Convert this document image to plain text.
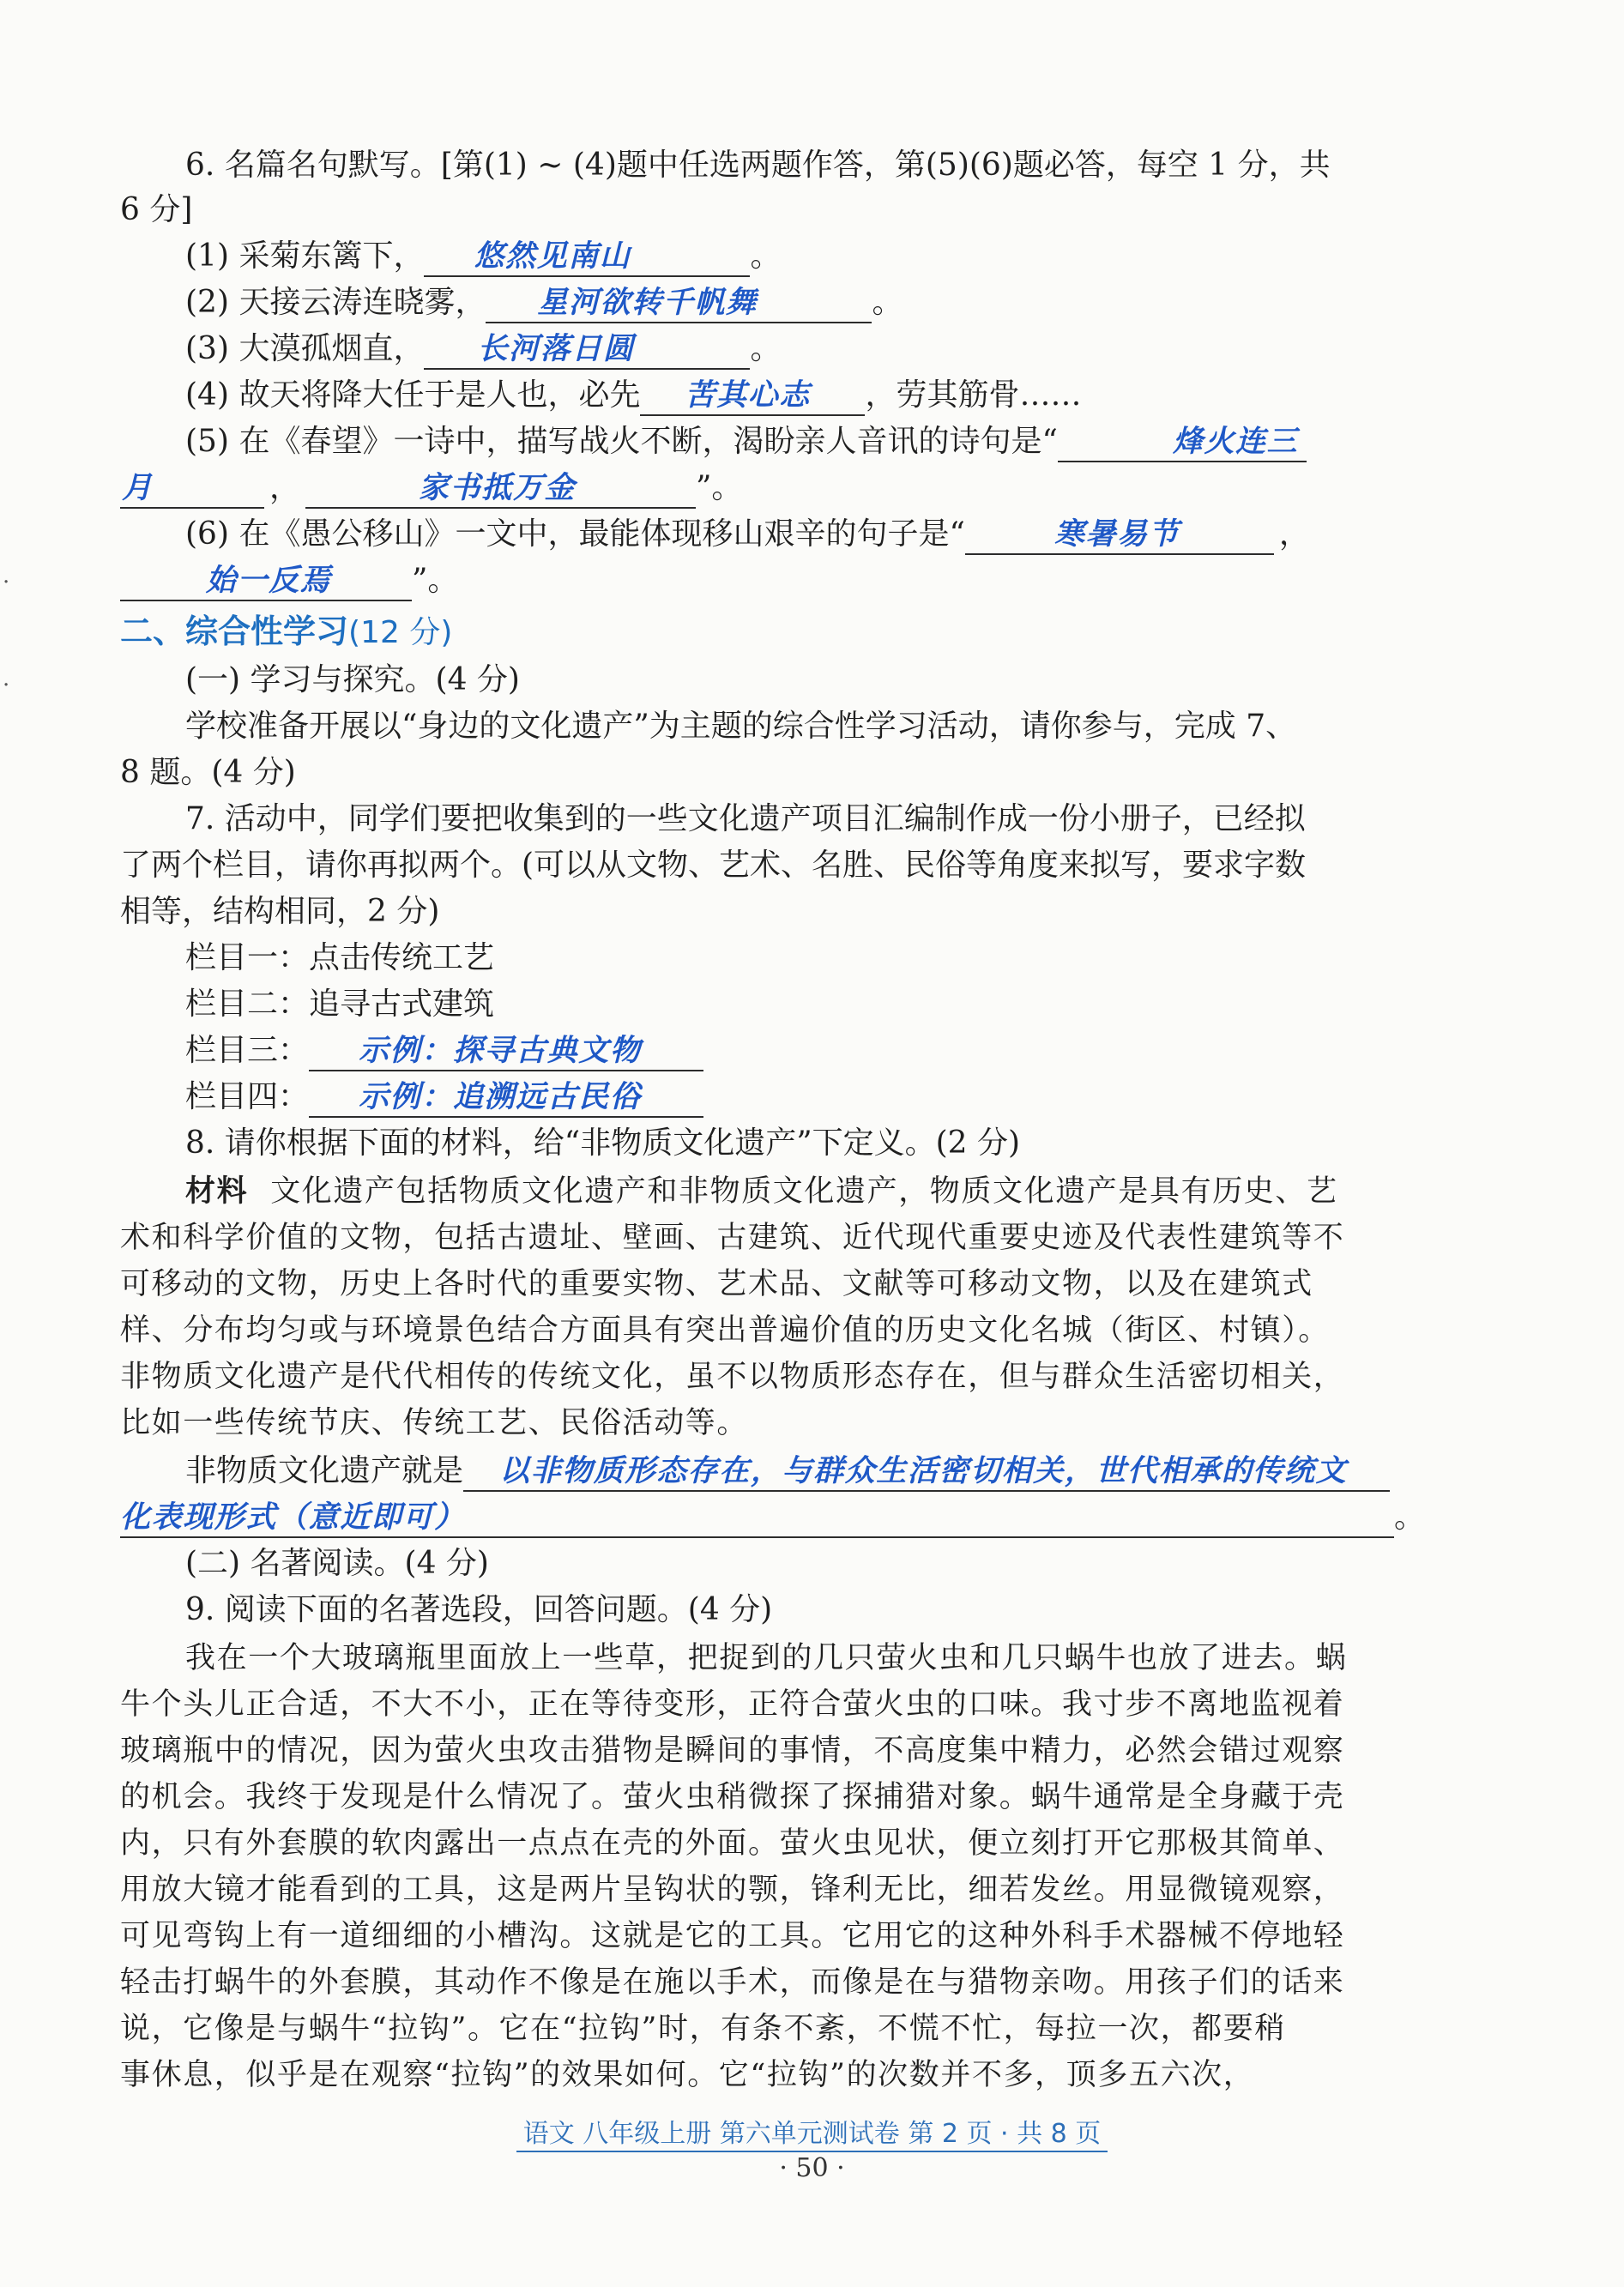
·
·
6. 名篇名句默写。[第(1) ~ (4)题中任选两题作答，第(5)(6)题必答，每空 1 分，共
6 分]
(1) 采菊东篱下， 悠然见南山	。
(2) 天接云涛连晓雾， 星河欲转千帆舞	。
(3) 大漠孤烟直， 长河落日圆	。
(4) 故天将降大任于是人也，必先 苦其心志 ，劳其筋骨……
(5) 在《春望》一诗中，描写战火不断，渴盼亲人音讯的诗句是“	烽火连三
月	，	家书抵万金	”。
(6) 在《愚公移山》一文中，最能体现移山艰辛的句子是“	寒暑易节	，
始一反焉	”。
二、综合性学习(12 分)
(一) 学习与探究。(4 分)
学校准备开展以“身边的文化遗产”为主题的综合性学习活动，请你参与，完成 7、
8 题。(4 分)
7. 活动中，同学们要把收集到的一些文化遗产项目汇编制作成一份小册子，已经拟
了两个栏目，请你再拟两个。(可以从文物、艺术、名胜、民俗等角度来拟写，要求字数
相等，结构相同，2 分)
栏目一：点击传统工艺
栏目二：追寻古式建筑
栏目三： 示例：探寻古典文物
栏目四： 示例：追溯远古民俗
8. 请你根据下面的材料，给“非物质文化遗产”下定义。(2 分)
材料 文化遗产包括物质文化遗产和非物质文化遗产，物质文化遗产是具有历史、艺
术和科学价值的文物，包括古遗址、壁画、古建筑、近代现代重要史迹及代表性建筑等不
可移动的文物，历史上各时代的重要实物、艺术品、文献等可移动文物，以及在建筑式
样、分布均匀或与环境景色结合方面具有突出普遍价值的历史文化名城（街区、村镇）。
非物质文化遗产是代代相传的传统文化，虽不以物质形态存在，但与群众生活密切相关，
比如一些传统节庆、传统工艺、民俗活动等。
非物质文化遗产就是 以非物质形态存在，与群众生活密切相关，世代相承的传统文
化表现形式（意近即可）	。
(二) 名著阅读。(4 分)
9. 阅读下面的名著选段，回答问题。(4 分)
我在一个大玻璃瓶里面放上一些草，把捉到的几只萤火虫和几只蜗牛也放了进去。蜗
牛个头儿正合适，不大不小，正在等待变形，正符合萤火虫的口味。我寸步不离地监视着
玻璃瓶中的情况，因为萤火虫攻击猎物是瞬间的事情，不高度集中精力，必然会错过观察
的机会。我终于发现是什么情况了。萤火虫稍微探了探捕猎对象。蜗牛通常是全身藏于壳
内，只有外套膜的软肉露出一点点在壳的外面。萤火虫见状，便立刻打开它那极其简单、
用放大镜才能看到的工具，这是两片呈钩状的颚，锋利无比，细若发丝。用显微镜观察，
可见弯钩上有一道细细的小槽沟。这就是它的工具。它用它的这种外科手术器械不停地轻
轻击打蜗牛的外套膜，其动作不像是在施以手术，而像是在与猎物亲吻。用孩子们的话来
说，它像是与蜗牛“拉钩”。它在“拉钩”时，有条不紊，不慌不忙，每拉一次，都要稍
事休息，似乎是在观察“拉钩”的效果如何。它“拉钩”的次数并不多，顶多五六次，
语文 八年级上册 第六单元测试卷 第 2 页 · 共 8 页
· 50 ·
